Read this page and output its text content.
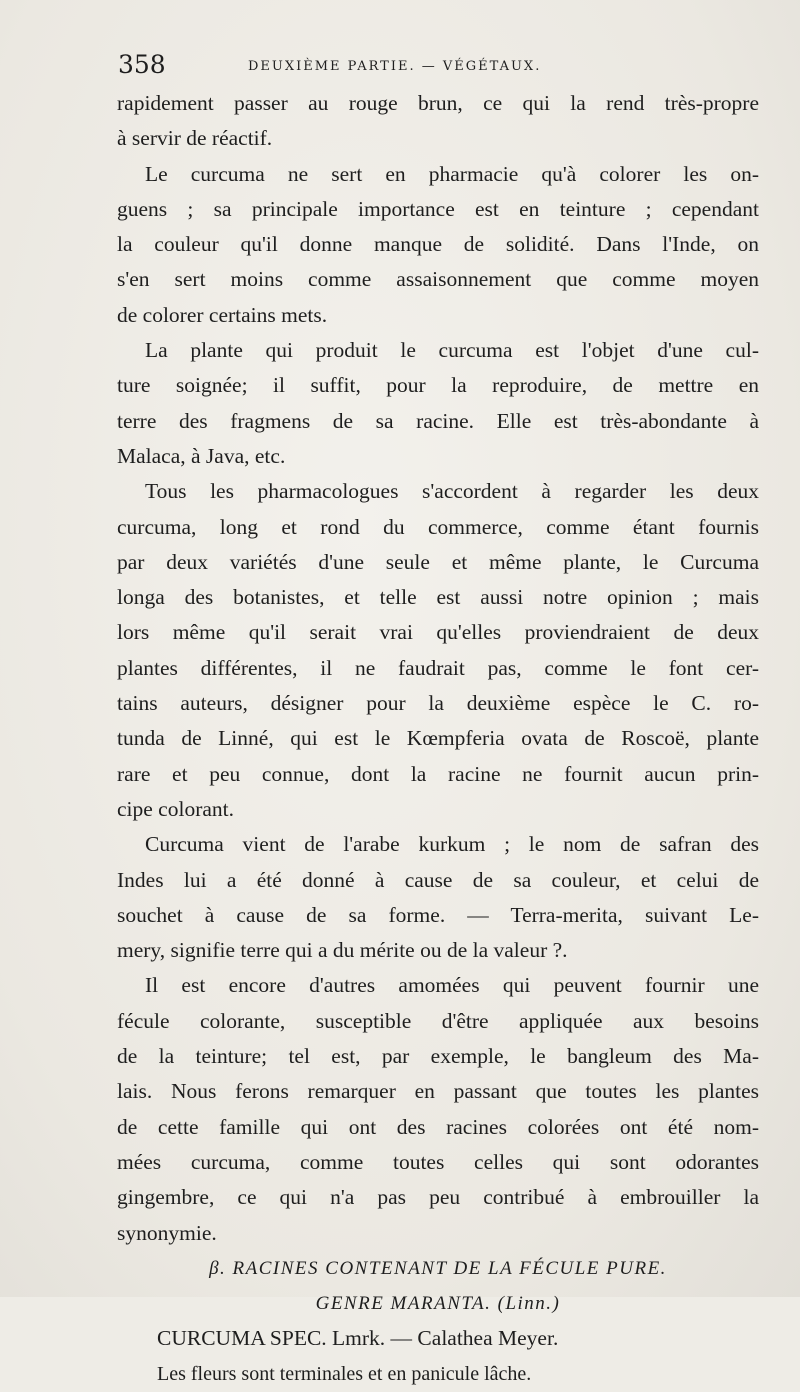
358	DEUXIÈME PARTIE. — VÉGÉTAUX.
rapidement passer au rouge brun, ce qui la rend très-propre
à servir de réactif.
Le curcuma ne sert en pharmacie qu'à colorer les on-
guens ; sa principale importance est en teinture ; cependant
la couleur qu'il donne manque de solidité. Dans l'Inde, on
s'en sert moins comme assaisonnement que comme moyen
de colorer certains mets.
La plante qui produit le curcuma est l'objet d'une cul-
ture soignée; il suffit, pour la reproduire, de mettre en
terre des fragmens de sa racine. Elle est très-abondante à
Malaca, à Java, etc.
Tous les pharmacologues s'accordent à regarder les deux
curcuma, long et rond du commerce, comme étant fournis
par deux variétés d'une seule et même plante, le Curcuma
longa des botanistes, et telle est aussi notre opinion ; mais
lors même qu'il serait vrai qu'elles proviendraient de deux
plantes différentes, il ne faudrait pas, comme le font cer-
tains auteurs, désigner pour la deuxième espèce le C. ro-
tunda de Linné, qui est le Kœmpferia ovata de Roscoë, plante
rare et peu connue, dont la racine ne fournit aucun prin-
cipe colorant.
Curcuma vient de l'arabe kurkum ; le nom de safran des
Indes lui a été donné à cause de sa couleur, et celui de
souchet à cause de sa forme. — Terra-merita, suivant Le-
mery, signifie terre qui a du mérite ou de la valeur ?.
Il est encore d'autres amomées qui peuvent fournir une
fécule colorante, susceptible d'être appliquée aux besoins
de la teinture; tel est, par exemple, le bangleum des Ma-
lais. Nous ferons remarquer en passant que toutes les plantes
de cette famille qui ont des racines colorées ont été nom-
mées curcuma, comme toutes celles qui sont odorantes
gingembre, ce qui n'a pas peu contribué à embrouiller la
synonymie.
β. RACINES CONTENANT DE LA FÉCULE PURE.
GENRE MARANTA. (Linn.)
CURCUMA SPEC. Lmrk. — Calathea Meyer.
Les fleurs sont terminales et en panicule lâche.
